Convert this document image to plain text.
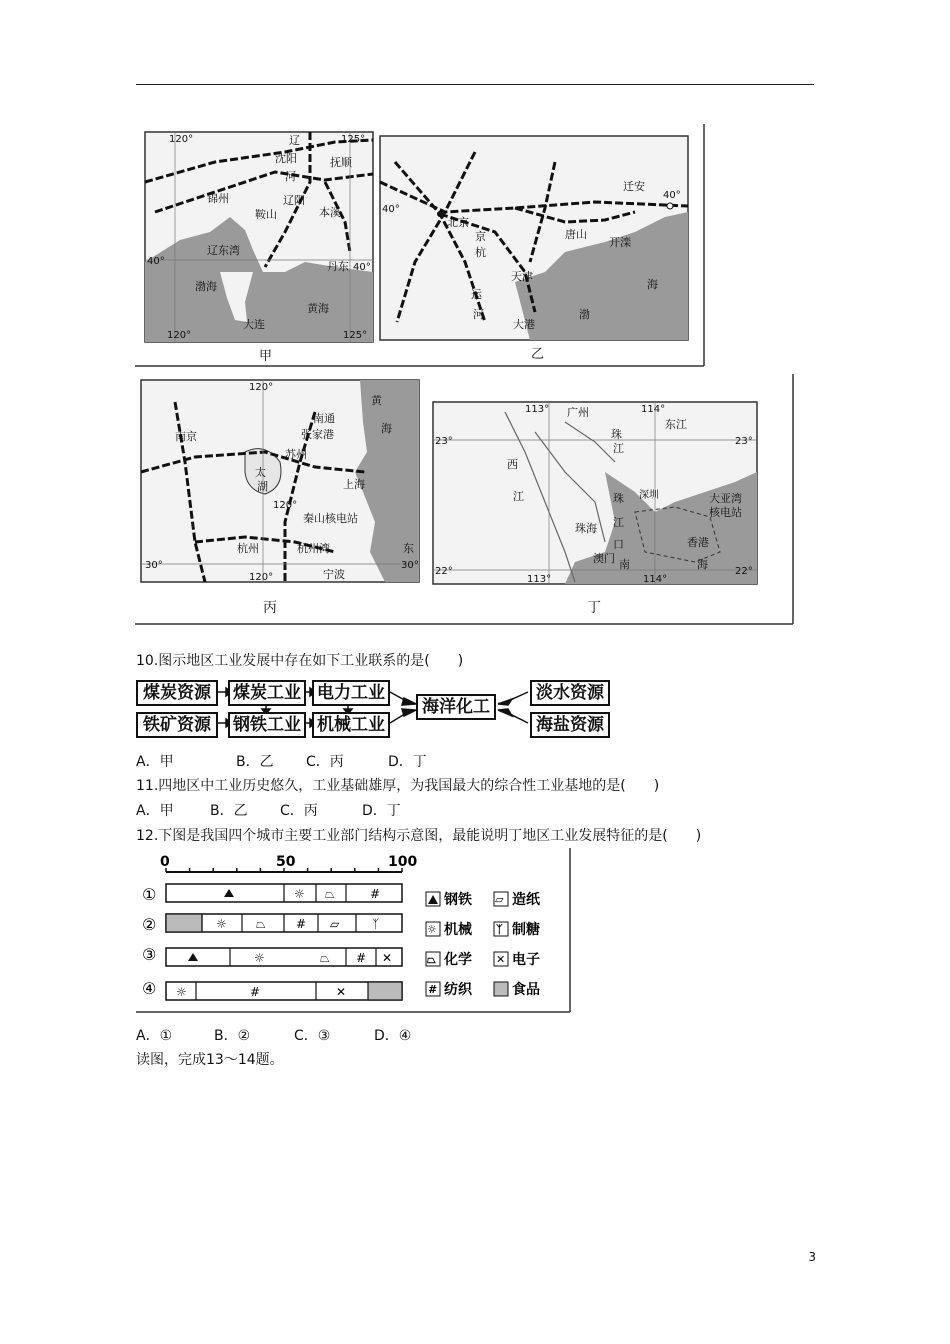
120°	辽
沈阳	抚顺
125°
锦州
河
辽阳
鞍山	本溪
辽东湾
40°	丹东 40°
渤海
黄海
大连
120°	125°
甲
迁安
40°
40°
北京
京	唐山
开滦
杭
天津
运
河
海
渤
大港
乙
120°
黄
南通
南京	张家港	海
苏州
太
湖	上海
120°
秦山核电站
30°
杭州	杭州湾	东
30°
宁波
120°
丙
113° 广州	114°
东江
23°	23°
珠
江
西
江	珠
江
深圳	大亚湾
核电站
珠海
口	香港
澳门
22°
113°
南
114°
海
22°
丁
10.图示地区工业发展中存在如下工业联系的是(　　)
煤炭资源	煤炭工业 电力工业
海洋化工
淡水资源
铁矿资源	钢铁工业 机械工业	海盐资源
A．甲	B．乙 C．丙	D．丁
11.四地区中工业历史悠久，工业基础雄厚，为我国最大的综合性工业基地的是(　　)
A．甲	B．乙 C．丙	D．丁
12.下图是我国四个城市主要工业部门结构示意图，最能说明丁地区工业发展特征的是(　　)
0	50	100
①	☼ ⏢	#
②	☼ ⏢	# ▱	ᛉ
③	☼	⏢ # ✕
④ ☼	#	✕
钢铁 ▱ 造纸
☼ 机械 ᛉ 制糖
⏢ 化学 ✕ 电子
# 纺织	食品
A．①	B．②	C．③	D．④
读图，完成13～14题。
3
